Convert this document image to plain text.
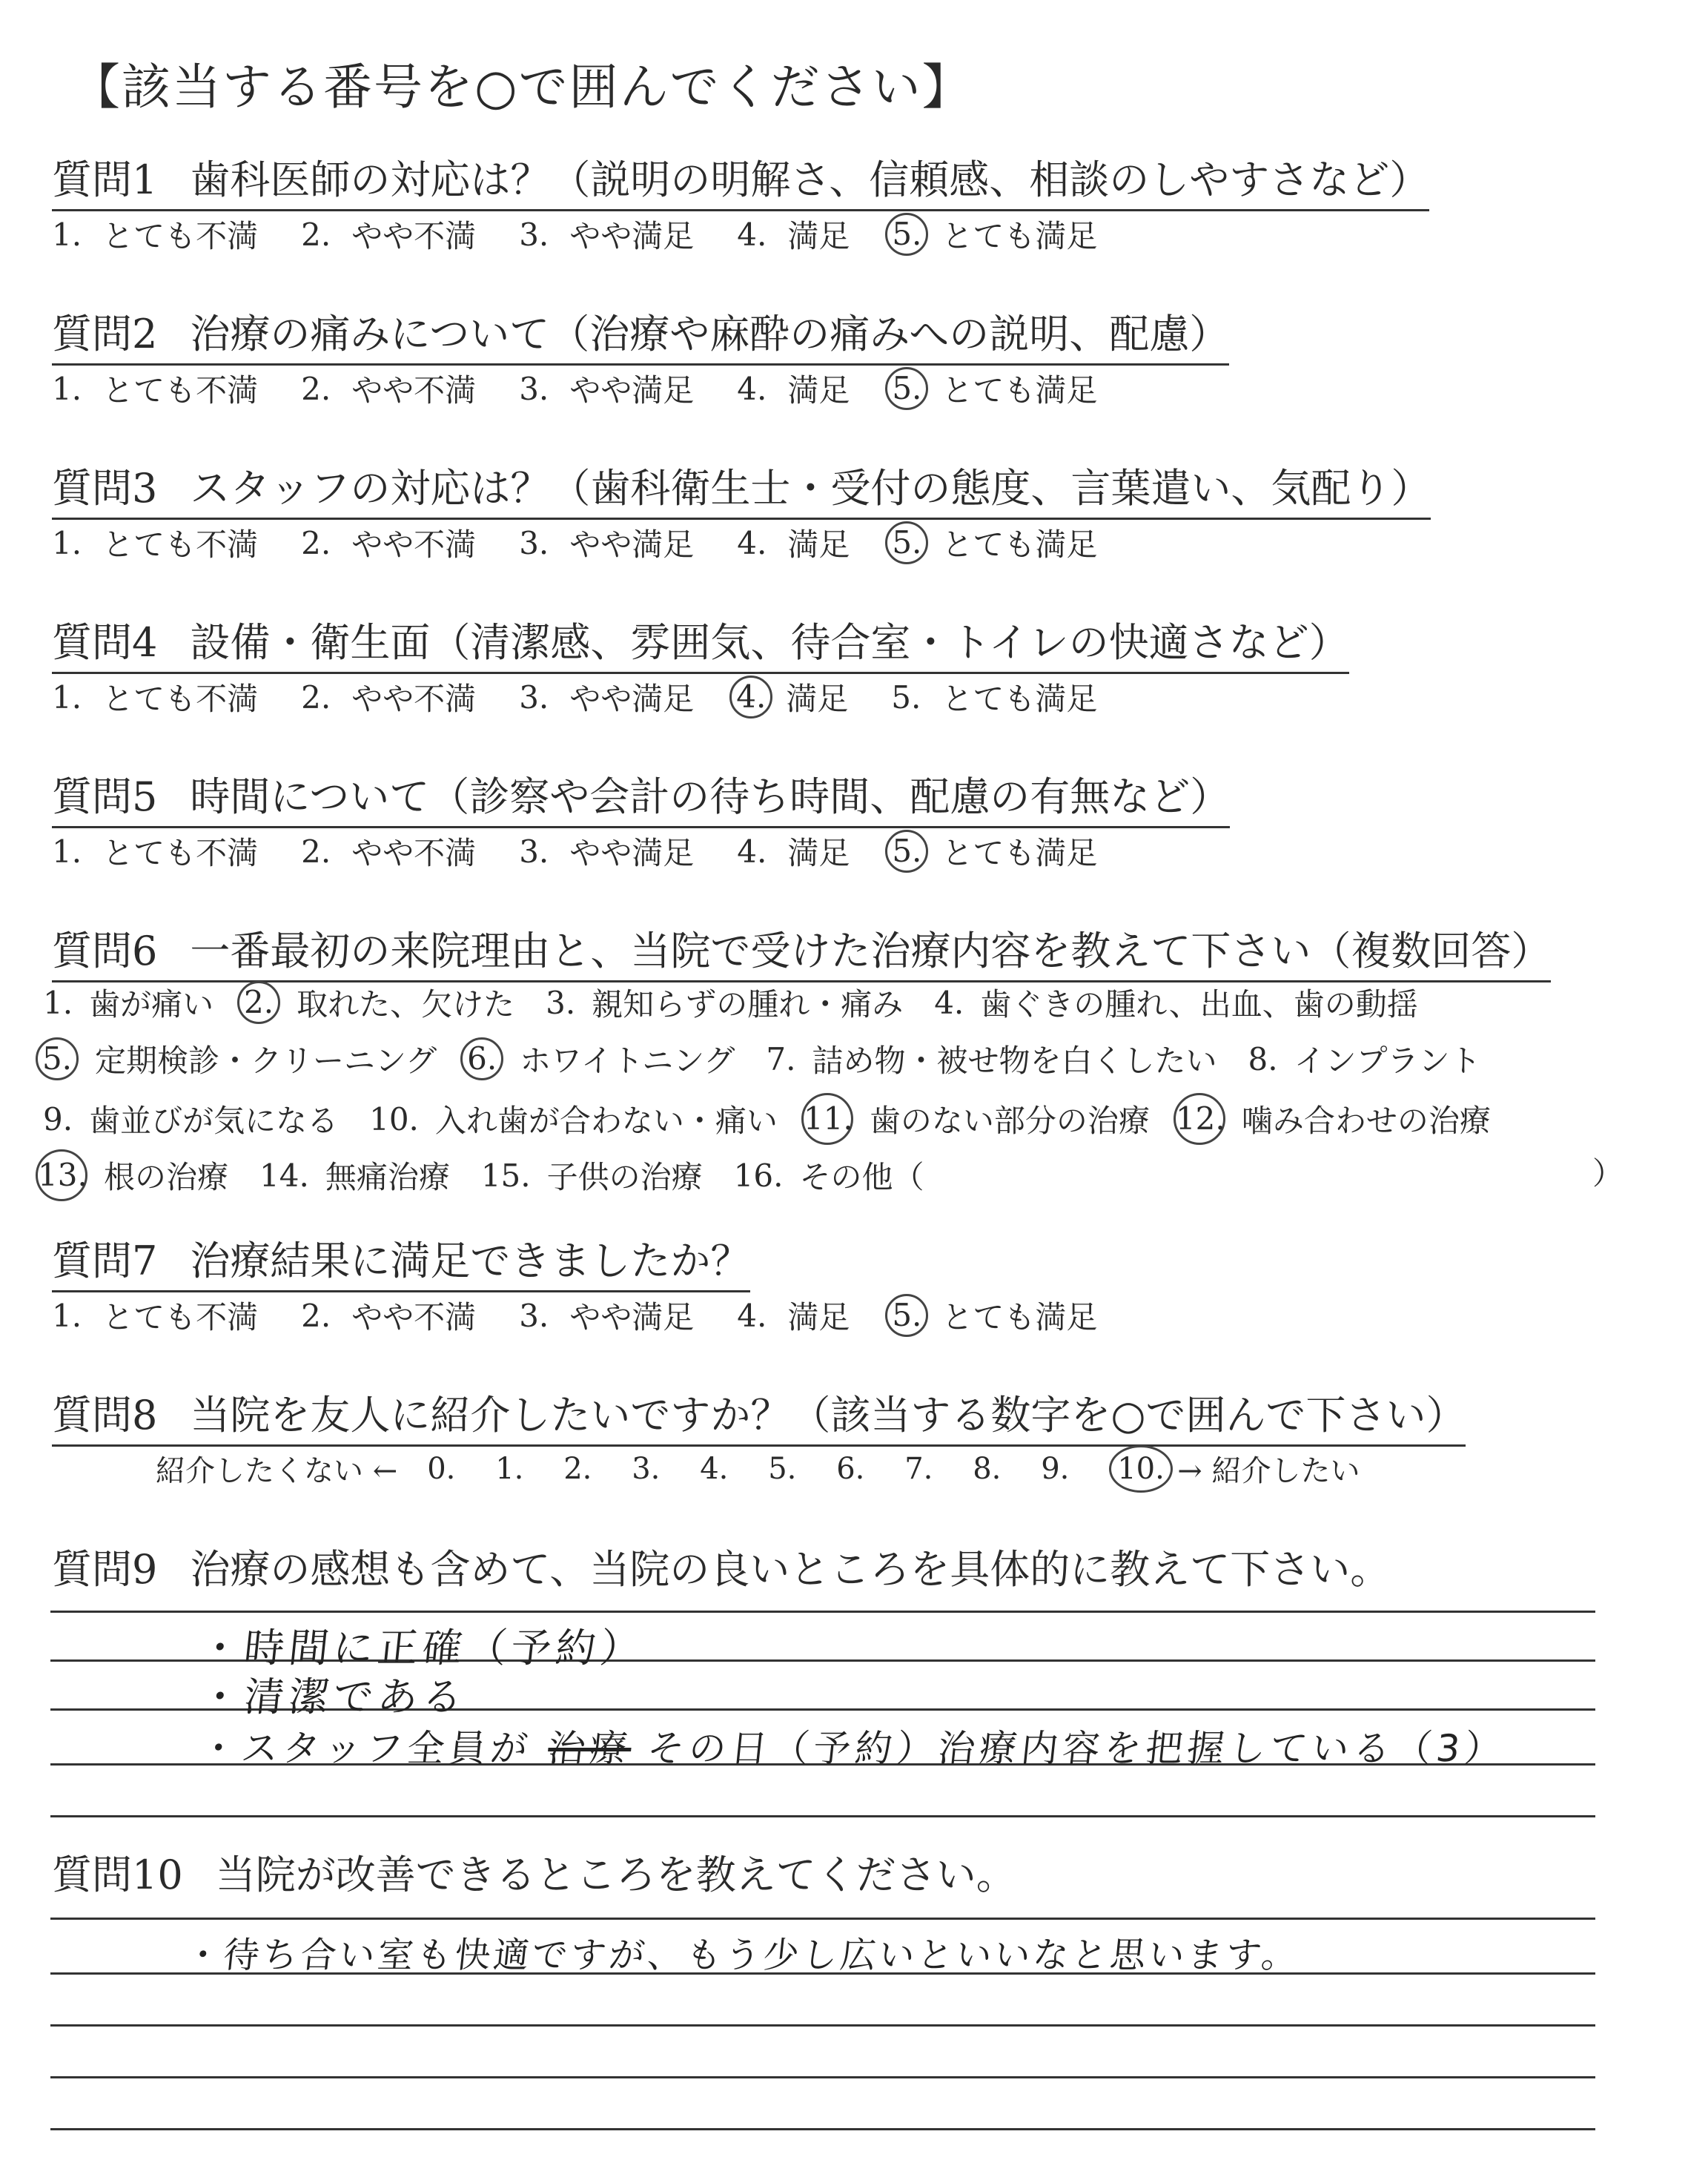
【該当する番号を○で囲んでください】
質問1 歯科医師の対応は？（説明の明解さ、信頼感、相談のしやすさなど）
1. とても不満 2. やや不満 3. やや満足 4. 満足 5. とても満足
質問2 治療の痛みについて（治療や麻酔の痛みへの説明、配慮）
1. とても不満 2. やや不満 3. やや満足 4. 満足 5. とても満足
質問3 スタッフの対応は？（歯科衛生士・受付の態度、言葉遣い、気配り）
1. とても不満 2. やや不満 3. やや満足 4. 満足 5. とても満足
質問4 設備・衛生面（清潔感、雰囲気、待合室・トイレの快適さなど）
1. とても不満 2. やや不満 3. やや満足 4. 満足 5. とても満足
質問5 時間について（診察や会計の待ち時間、配慮の有無など）
1. とても不満 2. やや不満 3. やや満足 4. 満足 5. とても満足
質問6 一番最初の来院理由と、当院で受けた治療内容を教えて下さい（複数回答）
1. 歯が痛い 2. 取れた、欠けた 3. 親知らずの腫れ・痛み 4. 歯ぐきの腫れ、出血、歯の動揺
5. 定期検診・クリーニング 6. ホワイトニング 7. 詰め物・被せ物を白くしたい 8. インプラント
9. 歯並びが気になる 10. 入れ歯が合わない・痛い 11. 歯のない部分の治療 12. 噛み合わせの治療
13. 根の治療 14. 無痛治療 15. 子供の治療 16. その他（	）
質問7 治療結果に満足できましたか？
1. とても不満 2. やや不満 3. やや満足 4. 満足 5. とても満足
質問8 当院を友人に紹介したいですか？（該当する数字を○で囲んで下さい）
紹介したくない ← 0.	1.	2.	3.	4.	5.	6.	7.	8.	9.	10. → 紹介したい
質問9 治療の感想も含めて、当院の良いところを具体的に教えて下さい。
・時間に正確（予約）
・清潔である
・スタッフ全員が 治療 その日（予約）治療内容を把握している（3）
質問10 当院が改善できるところを教えてください。
・待ち合い室も快適ですが、もう少し広いといいなと思います。
